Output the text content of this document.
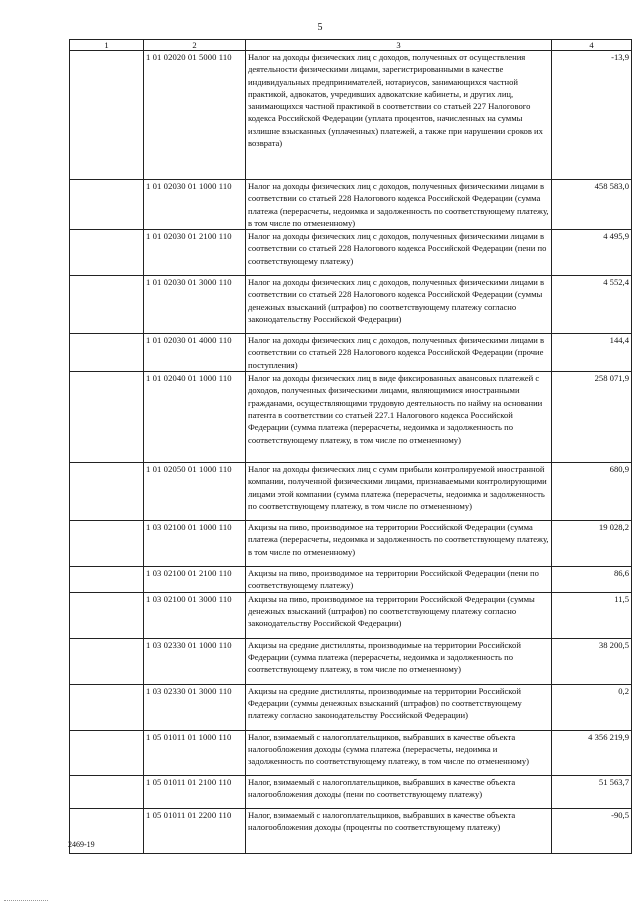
5
1	2	3	4
	1 01 02020 01 5000 110	Налог на доходы физических лиц с доходов, полученных от осуществления деятельности физическими лицами, зарегистрированными в качестве индивидуальных предпринимателей, нотариусов, занимающихся частной практикой, адвокатов, учредивших адвокатские кабинеты, и других лиц, занимающихся частной практикой в соответствии со статьей 227 Налогового кодекса Российской Федерации (уплата процентов, начисленных на суммы излишне взысканных (уплаченных) платежей, а также при нарушении сроков их возврата)	-13,9
	1 01 02030 01 1000 110	Налог на доходы физических лиц с доходов, полученных физическими лицами в соответствии со статьей 228 Налогового кодекса Российской Федерации (сумма платежа (перерасчеты, недоимка и задолженность по соответствующему платежу, в том числе по отмененному)	458 583,0
	1 01 02030 01 2100 110	Налог на доходы физических лиц с доходов, полученных физическими лицами в соответствии со статьей 228 Налогового кодекса Российской Федерации (пени по соответствующему платежу)	4 495,9
	1 01 02030 01 3000 110	Налог на доходы физических лиц с доходов, полученных физическими лицами в соответствии со статьей 228 Налогового кодекса Российской Федерации (суммы денежных взысканий (штрафов) по соответствующему платежу согласно законодательству Российской Федерации)	4 552,4
	1 01 02030 01 4000 110	Налог на доходы физических лиц с доходов, полученных физическими лицами в соответствии со статьей 228 Налогового кодекса Российской Федерации (прочие поступления)	144,4
	1 01 02040 01 1000 110	Налог на доходы физических лиц в виде фиксированных авансовых платежей с доходов, полученных физическими лицами, являющимися иностранными гражданами, осуществляющими трудовую деятельность по найму на основании патента в соответствии со статьей 227.1 Налогового кодекса Российской Федерации (сумма платежа (перерасчеты, недоимка и задолженность по соответствующему платежу, в том числе по отмененному)	258 071,9
	1 01 02050 01 1000 110	Налог на доходы физических лиц с сумм прибыли контролируемой иностранной компании, полученной физическими лицами, признаваемыми контролирующими лицами этой компании (сумма платежа (перерасчеты, недоимка и задолженность по соответствующему платежу, в том числе по отмененному)	680,9
	1 03 02100 01 1000 110	Акцизы на пиво, производимое на территории Российской Федерации (сумма платежа (перерасчеты, недоимка и задолженность по соответствующему платежу, в том числе по отмененному)	19 028,2
	1 03 02100 01 2100 110	Акцизы на пиво, производимое на территории Российской Федерации (пени по соответствующему платежу)	86,6
	1 03 02100 01 3000 110	Акцизы на пиво, производимое на территории Российской Федерации (суммы денежных взысканий (штрафов) по соответствующему платежу согласно законодательству Российской Федерации)	11,5
	1 03 02330 01 1000 110	Акцизы на средние дистилляты, производимые на территории Российской Федерации (сумма платежа (перерасчеты, недоимка и задолженность по соответствующему платежу, в том числе по отмененному)	38 200,5
	1 03 02330 01 3000 110	Акцизы на средние дистилляты, производимые на территории Российской Федерации (суммы денежных взысканий (штрафов) по соответствующему платежу согласно законодательству Российской Федерации)	0,2
	1 05 01011 01 1000 110	Налог, взимаемый с налогоплательщиков, выбравших в качестве объекта налогообложения доходы (сумма платежа (перерасчеты, недоимка и задолженность по соответствующему платежу, в том числе по отмененному)	4 356 219,9
	1 05 01011 01 2100 110	Налог, взимаемый с налогоплательщиков, выбравших в качестве объекта налогообложения доходы (пени по соответствующему платежу)	51 563,7
	1 05 01011 01 2200 110	Налог, взимаемый с налогоплательщиков, выбравших в качестве объекта налогообложения доходы (проценты по соответствующему платежу)	-90,5
2469-19
